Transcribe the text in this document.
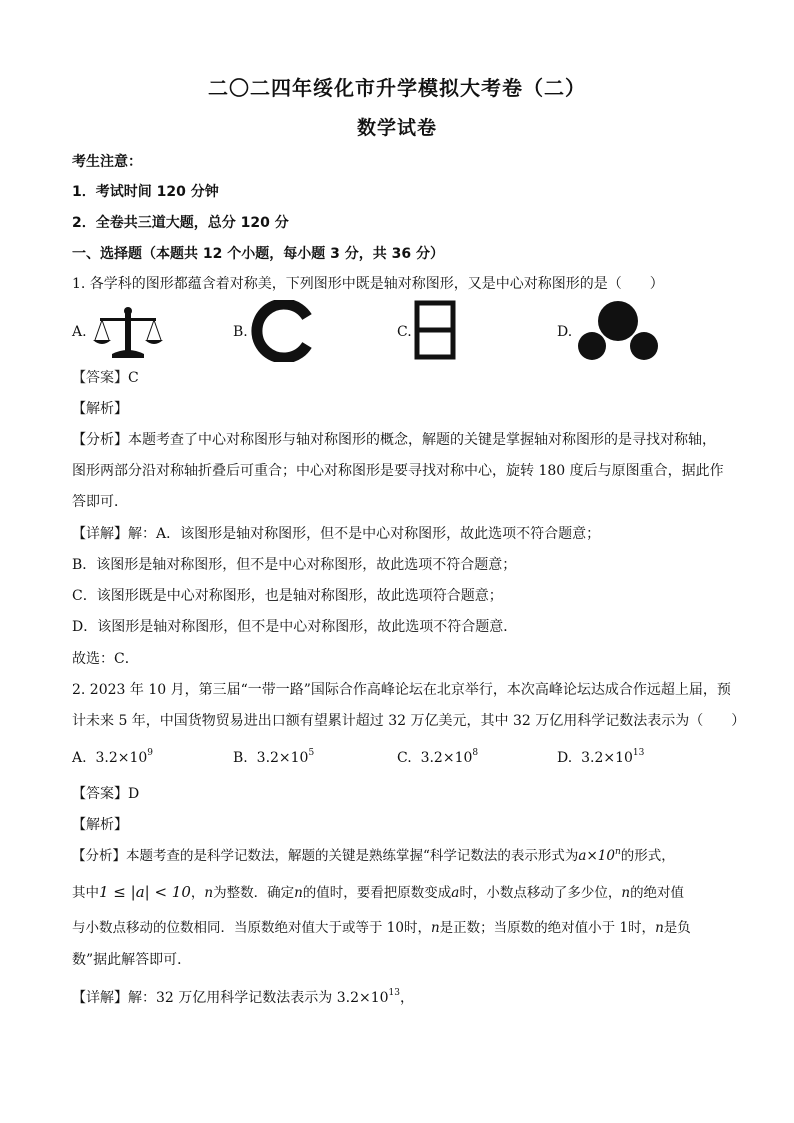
二〇二四年绥化市升学模拟大考卷（二）
数学试卷
考生注意：
1．考试时间 120 分钟
2．全卷共三道大题，总分 120 分
一、选择题（本题共 12 个小题，每小题 3 分，共 36 分）
1. 各学科的图形都蕴含着对称美，下列图形中既是轴对称图形，又是中心对称图形的是（　　）
A.	B.	C.	D.
【答案】C
【解析】
【分析】本题考查了中心对称图形与轴对称图形的概念，解题的关键是掌握轴对称图形的是寻找对称轴，
图形两部分沿对称轴折叠后可重合；中心对称图形是要寻找对称中心，旋转 180 度后与原图重合，据此作
答即可．
【详解】解：A．该图形是轴对称图形，但不是中心对称图形，故此选项不符合题意；
B．该图形是轴对称图形，但不是中心对称图形，故此选项不符合题意；
C．该图形既是中心对称图形，也是轴对称图形，故此选项符合题意；
D．该图形是轴对称图形，但不是中心对称图形，故此选项不符合题意．
故选：C．
2. 2023 年 10 月，第三届“一带一路”国际合作高峰论坛在北京举行，本次高峰论坛达成合作远超上届，预
计未来 5 年，中国货物贸易进出口额有望累计超过 32 万亿美元，其中 32 万亿用科学记数法表示为（　　）
A. $3.2\times 10^9$	B. $3.2\times 10^5$	C. $3.2\times 10^8$	D. $3.2\times 10^{13}$
【答案】D
【解析】
【分析】本题考查的是科学记数法，解题的关键是熟练掌握“科学记数法的表示形式为$a\times 10^n$的形式，
其中1 ≤ |a| < 10，n为整数．确定n的值时，要看把原数变成a时，小数点移动了多少位，n的绝对值
与小数点移动的位数相同．当原数绝对值大于或等于 10时，n是正数；当原数的绝对值小于 1时，n是负
数”据此解答即可．
【详解】解：32 万亿用科学记数法表示为 $3.2\times 10^{13}$，
